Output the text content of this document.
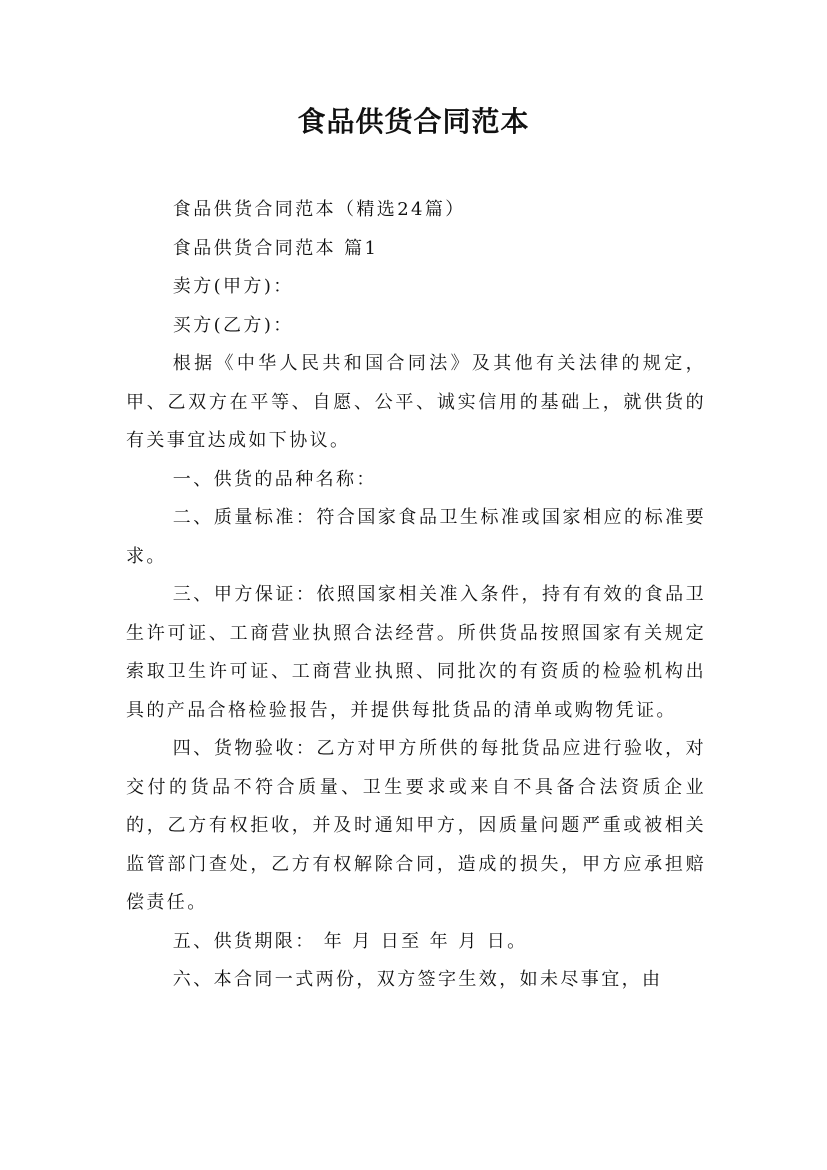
食品供货合同范本

食品供货合同范本（精选24篇）

食品供货合同范本 篇1

卖方(甲方)：

买方(乙方)：

根据《中华人民共和国合同法》及其他有关法律的规定，甲、乙双方在平等、自愿、公平、诚实信用的基础上，就供货的有关事宜达成如下协议。

一、供货的品种名称：

二、质量标准：符合国家食品卫生标准或国家相应的标准要求。

三、甲方保证：依照国家相关准入条件，持有有效的食品卫生许可证、工商营业执照合法经营。所供货品按照国家有关规定索取卫生许可证、工商营业执照、同批次的有资质的检验机构出具的产品合格检验报告，并提供每批货品的清单或购物凭证。

四、货物验收：乙方对甲方所供的每批货品应进行验收，对交付的货品不符合质量、卫生要求或来自不具备合法资质企业的，乙方有权拒收，并及时通知甲方，因质量问题严重或被相关监管部门查处，乙方有权解除合同，造成的损失，甲方应承担赔偿责任。

五、供货期限： 年 月 日至 年 月 日。

六、本合同一式两份，双方签字生效，如未尽事宜，由
